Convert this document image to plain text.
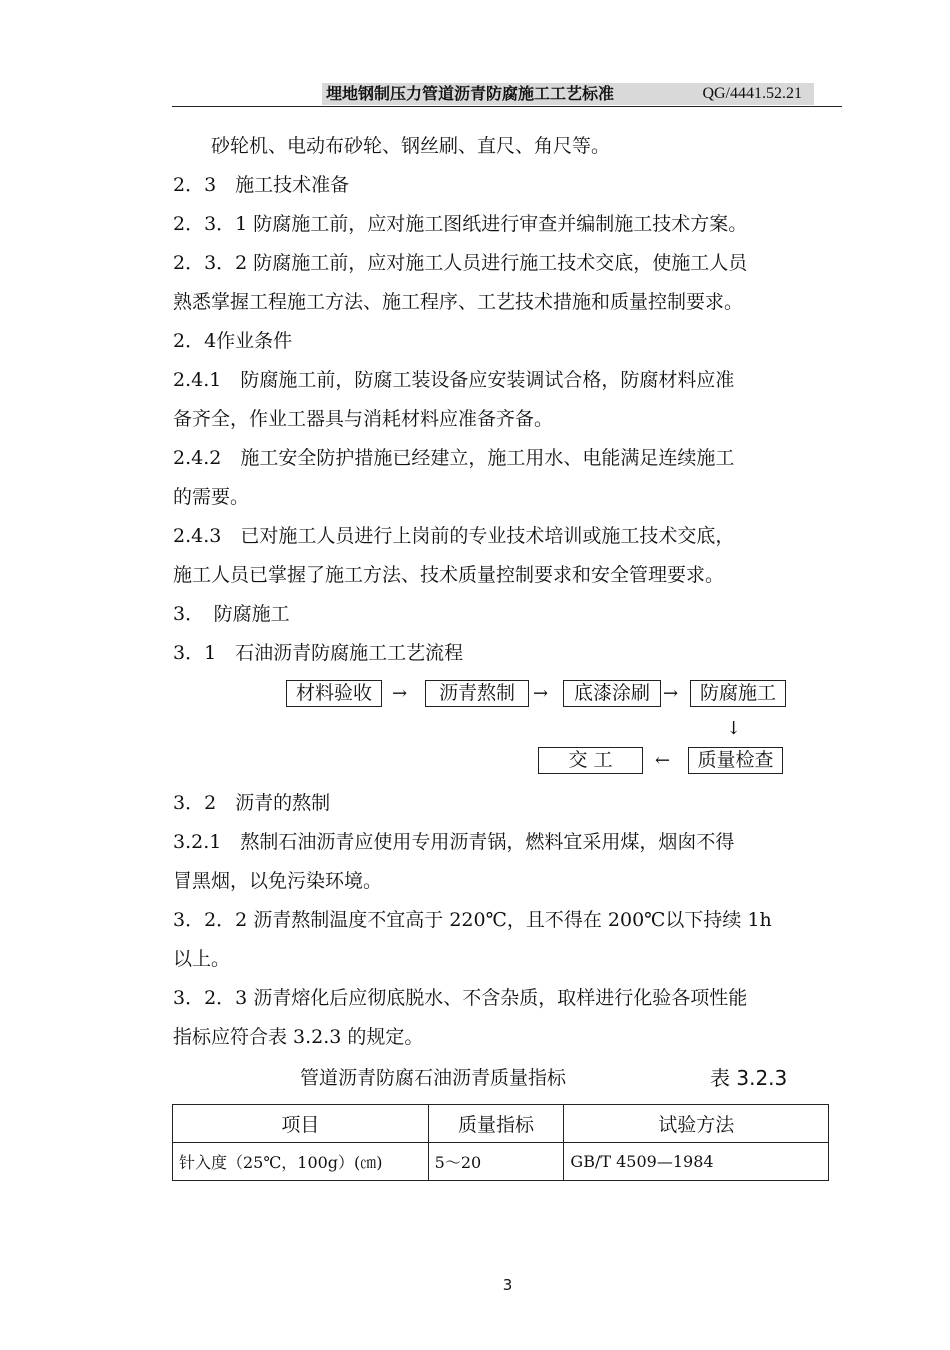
埋地钢制压力管道沥青防腐施工工艺标准	QG/4441.52.21
　　砂轮机、电动布砂轮、钢丝刷、直尺、角尺等。
2．3　施工技术准备
2．3．1 防腐施工前，应对施工图纸进行审查并编制施工技术方案。
2．3．2 防腐施工前，应对施工人员进行施工技术交底，使施工人员
熟悉掌握工程施工方法、施工程序、工艺技术措施和质量控制要求。
2．4作业条件
2.4.1　防腐施工前，防腐工装设备应安装调试合格，防腐材料应准
备齐全，作业工器具与消耗材料应准备齐备。
2.4.2　施工安全防护措施已经建立，施工用水、电能满足连续施工
的需要。
2.4.3　已对施工人员进行上岗前的专业技术培训或施工技术交底，
施工人员已掌握了施工方法、技术质量控制要求和安全管理要求。
3．　防腐施工
3．1　石油沥青防腐施工工艺流程
材料验收	→	沥青熬制	→	底漆涂刷 →	防腐施工
↓
质量检查
←
交 工
3．2　沥青的熬制
3.2.1　熬制石油沥青应使用专用沥青锅，燃料宜采用煤，烟囱不得
冒黑烟，以免污染环境。
3．2．2 沥青熬制温度不宜高于 220℃，且不得在 200℃以下持续 1h
以上。
3．2．3 沥青熔化后应彻底脱水、不含杂质，取样进行化验各项性能
指标应符合表 3.2.3 的规定。
管道沥青防腐石油沥青质量指标	表 3.2.3
项目	质量指标	试验方法
针入度（25℃，100g）(㎝)	5～20	GB/T 4509—1984
3
